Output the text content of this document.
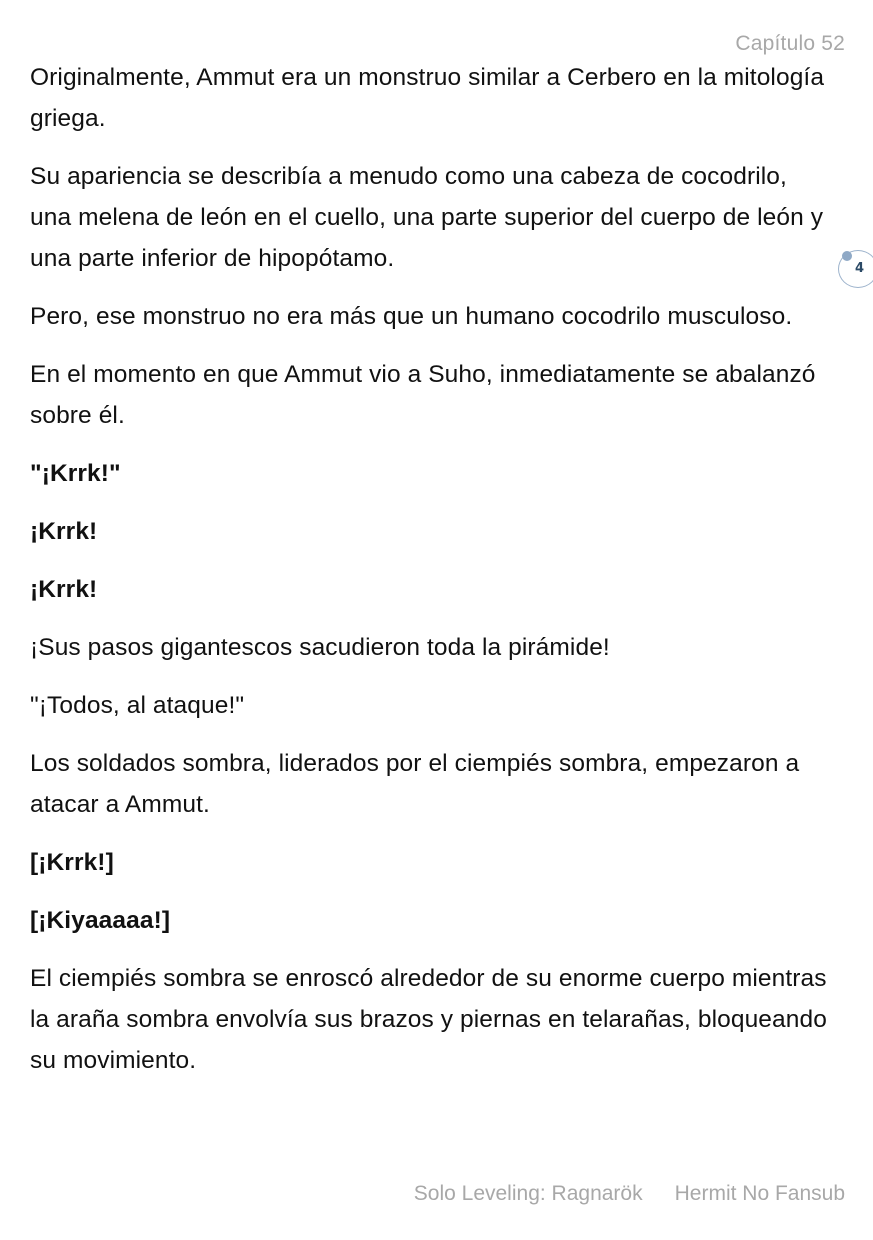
Capítulo 52

Originalmente, Ammut era un monstruo similar a Cerbero en la mitología griega.

Su apariencia se describía a menudo como una cabeza de cocodrilo, una melena de león en el cuello, una parte superior del cuerpo de león y una parte inferior de hipopótamo.

Pero, ese monstruo no era más que un humano cocodrilo musculoso.

En el momento en que Ammut vio a Suho, inmediatamente se abalanzó sobre él.

"¡Krrk!"

¡Krrk!

¡Krrk!

¡Sus pasos gigantescos sacudieron toda la pirámide!

"¡Todos, al ataque!"

Los soldados sombra, liderados por el ciempiés sombra, empezaron a atacar a Ammut.

[¡Krrk!]

[¡Kiyaaaaa!]

El ciempiés sombra se enroscó alrededor de su enorme cuerpo mientras la araña sombra envolvía sus brazos y piernas en telarañas, bloqueando su movimiento.

4
Solo Leveling: Ragnarök Hermit No Fansub
